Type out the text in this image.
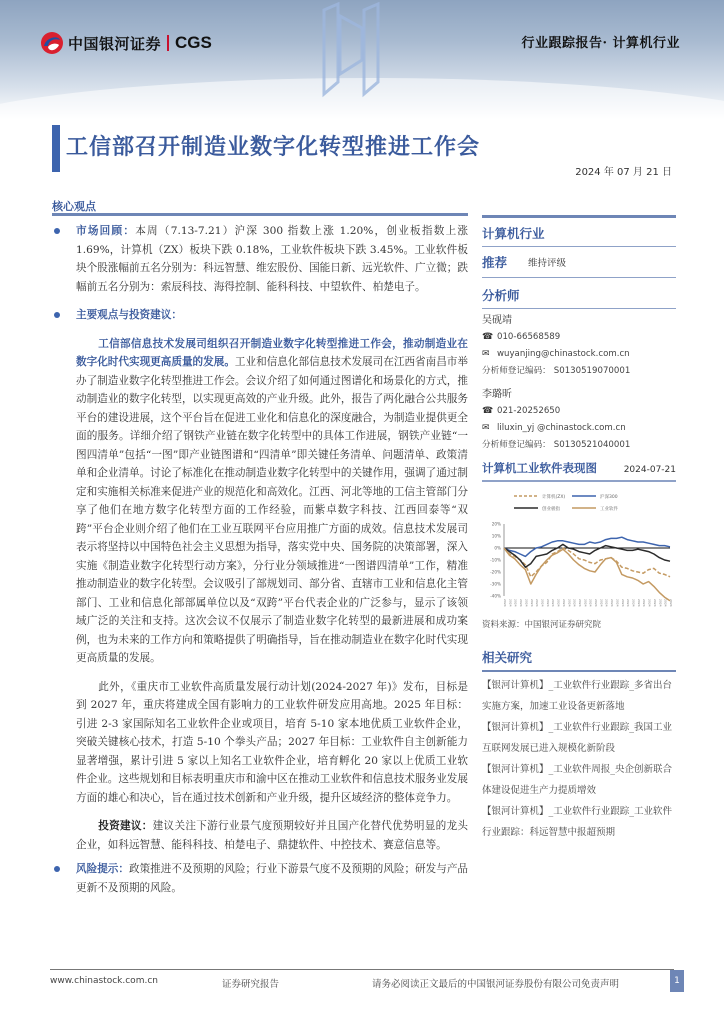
中国银河证券 CGS	行业跟踪报告· 计算机行业
工信部召开制造业数字化转型推进工作会
2024 年 07 月 21 日
核心观点
市场回顾：本周（7.13-7.21）沪深 300 指数上涨 1.20%，创业板指数上涨 1.69%，计算机（ZX）板块下跌 0.18%，工业软件板块下跌 3.45%。工业软件板块个股涨幅前五名分别为：科远智慧、维宏股份、国能日新、远光软件、广立微；跌幅前五名分别为：索辰科技、海得控制、能科科技、中望软件、柏楚电子。
主要观点与投资建议：
工信部信息技术发展司组织召开制造业数字化转型推进工作会，推动制造业在数字化时代实现更高质量的发展。工业和信息化部信息技术发展司在江西省南昌市举办了制造业数字化转型推进工作会。会议介绍了如何通过图谱化和场景化的方式，推动制造业的数字化转型，以实现更高效的产业升级。此外，报告了两化融合公共服务平台的建设进展，这个平台旨在促进工业化和信息化的深度融合，为制造业提供更全面的服务。详细介绍了钢铁产业链在数字化转型中的具体工作进展，钢铁产业链“一图四清单”包括“一图”即产业链图谱和“四清单”即关键任务清单、问题清单、政策清单和企业清单。讨论了标准化在推动制造业数字化转型中的关键作用，强调了通过制定和实施相关标准来促进产业的规范化和高效化。江西、河北等地的工信主管部门分享了他们在地方数字化转型方面的工作经验，而紫卓数字科技、江西回泰等“双跨”平台企业则介绍了他们在工业互联网平台应用推广方面的成效。信息技术发展司表示将坚持以中国特色社会主义思想为指导，落实党中央、国务院的决策部署，深入实施《制造业数字化转型行动方案》，分行业分领域推进“一图谱四清单”工作，精准推动制造业的数字化转型。会议吸引了部规划司、部分省、直辖市工业和信息化主管部门、工业和信息化部部属单位以及“双跨”平台代表企业的广泛参与，显示了该领域广泛的关注和支持。这次会议不仅展示了制造业数字化转型的最新进展和成功案例，也为未来的工作方向和策略提供了明确指导，旨在推动制造业在数字化时代实现更高质量的发展。
此外，《重庆市工业软件高质量发展行动计划(2024-2027 年)》发布，目标是到 2027 年，重庆将建成全国有影响力的工业软件研发应用高地。2025 年目标：引进 2-3 家国际知名工业软件企业或项目，培育 5-10 家本地优质工业软件企业，突破关键核心技术，打造 5-10 个拳头产品；2027 年目标：工业软件自主创新能力显著增强，累计引进 5 家以上知名工业软件企业，培育孵化 20 家以上优质工业软件企业。这些规划和目标表明重庆市和渝中区在推动工业软件和信息技术服务业发展方面的雄心和决心，旨在通过技术创新和产业升级，提升区域经济的整体竞争力。
投资建议：建议关注下游行业景气度预期较好并且国产化替代优势明显的龙头企业，如科远智慧、能科科技、柏楚电子、鼎捷软件、中控技术、赛意信息等。
风险提示：政策推进不及预期的风险；行业下游景气度不及预期的风险；研发与产品更新不及预期的风险。
计算机行业
推荐	维持评级
分析师
吴砚靖
☎ 010-66568589
✉ wuyanjing@chinastock.com.cn
分析师登记编码： S0130519070001
李璐昕
☎ 021-20252650
✉ liluxin_yj @chinastock.com.cn
分析师登记编码： S0130521040001
计算机工业软件表现图	2024-07-21
计算机(ZX)	沪深300
创业板指	工业软件
20%
10%
0%
-10%
-20%
-30%
-40%
2024 2024 2024 2024 2024 2024 2024 2024 2024 2024 2024 2024 2024 2024 2024 2024 2024 2024 2024 2024 2024 2024 2024 2024 2024 2024 2024 2024 2024 2024 2024 2024
资料来源：中国银河证券研究院
相关研究
【银河计算机】_工业软件行业跟踪_多省出台实施方案，加速工业设备更新落地
【银河计算机】_工业软件行业跟踪_我国工业互联网发展已进入规模化新阶段
【银河计算机】_工业软件周报_央企创新联合体建设促进生产力提质增效
【银河计算机】_工业软件行业跟踪_工业软件行业跟踪：科远智慧中报超预期
www.chinastock.com.cn	证券研究报告	请务必阅读正文最后的中国银河证券股份有限公司免责声明	1
